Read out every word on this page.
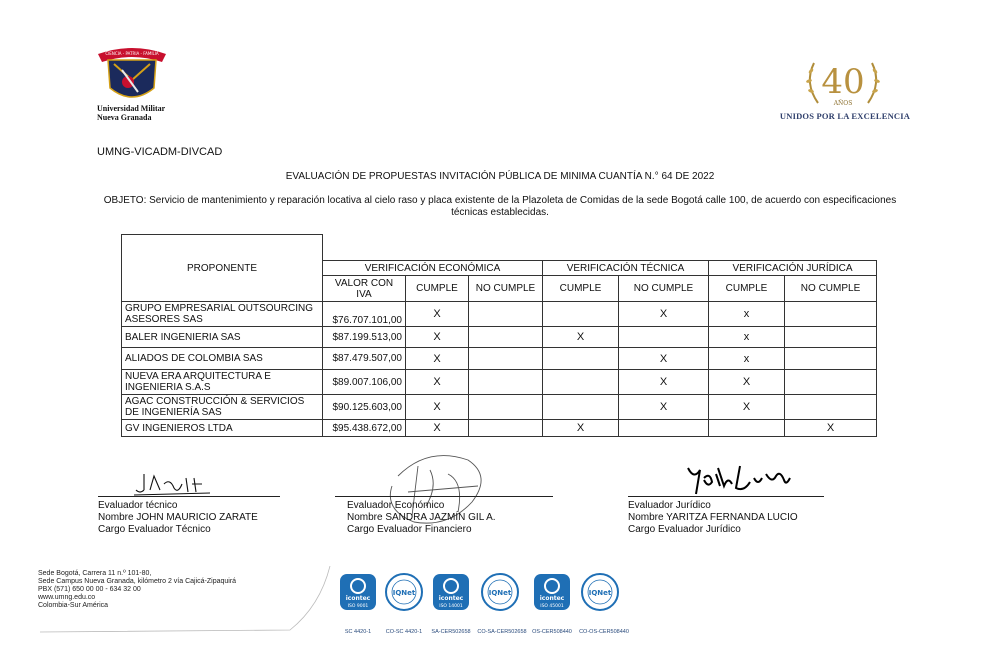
CIENCIA - PATRIA - FAMILIA
Universidad Militar
Nueva Granada
40
AÑOS
UNIDOS POR LA EXCELENCIA
UMNG-VICADM-DIVCAD
EVALUACIÓN DE PROPUESTAS INVITACIÓN PÚBLICA DE MINIMA CUANTÍA N.° 64 DE 2022
OBJETO: Servicio de mantenimiento y reparación locativa al cielo raso y placa existente de la Plazoleta de Comidas de la sede Bogotá calle 100, de acuerdo con especificaciones técnicas establecidas.
PROPONENTE							
	VERIFICACIÓN ECONÓMICA			VERIFICACIÓN TÉCNICA		VERIFICACIÓN JURÍDICA	
	VALOR CON IVA	CUMPLE	NO CUMPLE	CUMPLE	NO CUMPLE	CUMPLE	NO CUMPLE
GRUPO EMPRESARIAL OUTSOURCING ASESORES SAS	$76.707.101,00	X			X	x	
BALER INGENIERIA SAS	$87.199.513,00	X		X		x	
ALIADOS DE COLOMBIA SAS	$87.479.507,00	X			X	x	
NUEVA ERA ARQUITECTURA E INGENIERIA S.A.S	$89.007.106,00	X			X	X	
AGAC CONSTRUCCIÓN & SERVICIOS DE INGENIERÍA SAS	$90.125.603,00	X			X	X	
GV INGENIEROS LTDA	$95.438.672,00	X		X			X
Evaluador técnico
Nombre JOHN MAURICIO ZARATE
Cargo Evaluador Técnico
Evaluador Económico
Nombre SANDRA JAZMÍN GIL A.
Cargo Evaluador Financiero
Evaluador Jurídico
Nombre YARITZA FERNANDA LUCIO
Cargo Evaluador Jurídico
Sede Bogotá, Carrera 11 n.º 101-80,
Sede Campus Nueva Granada, kilómetro 2 vía Cajicá-Zipaquirá
PBX (571) 650 00 00 - 634 32 00
www.umng.edu.co
Colombia-Sur América
icontec
ISO 9001
IQNet
icontec
ISO 14001
IQNet
icontec
ISO 45001
IQNet
SC 4420-1	CO-SC 4420-1	SA-CER502658	CO-SA-CER502658	OS-CER508440	CO-OS-CER508440
